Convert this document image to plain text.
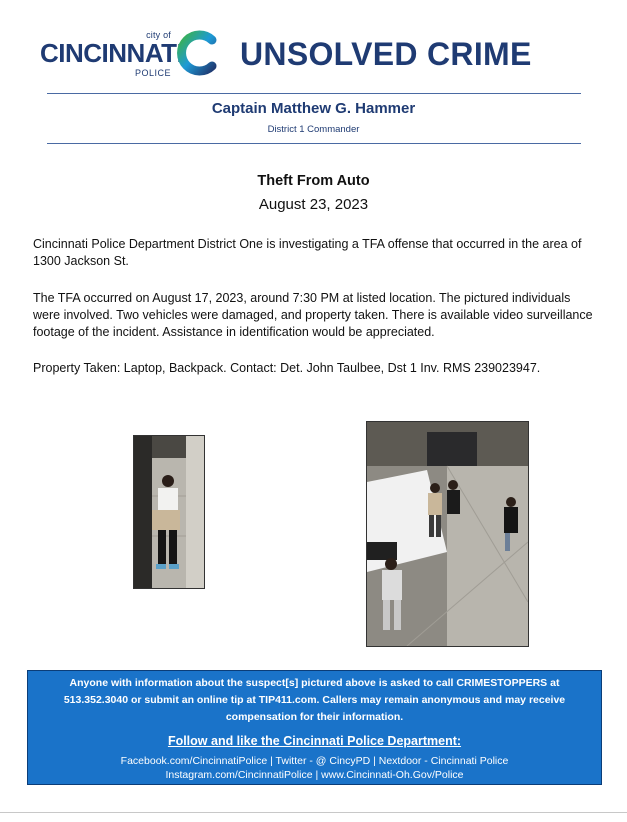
city of
CINCINNATI
POLICE
UNSOLVED CRIME
Captain Matthew G. Hammer
District 1 Commander
Theft From Auto
August 23, 2023
Cincinnati Police Department District One is investigating a TFA offense that occurred in the area of 1300 Jackson St.
The TFA occurred on August 17, 2023, around 7:30 PM at listed location. The pictured individuals were involved. Two vehicles were damaged, and property taken. There is available video surveillance footage of the incident. Assistance in identification would be appreciated.
Property Taken: Laptop, Backpack. Contact: Det. John Taulbee, Dst 1 Inv. RMS 239023947.
Anyone with information about the suspect[s] pictured above is asked to call CRIMESTOPPERS at 513.352.3040 or submit an online tip at TIP411.com. Callers may remain anonymous and may receive compensation for their information.
Follow and like the Cincinnati Police Department:
Facebook.com/CincinnatiPolice | Twitter - @ CincyPD | Nextdoor - Cincinnati Police
Instagram.com/CincinnatiPolice | www.Cincinnati-Oh.Gov/Police
